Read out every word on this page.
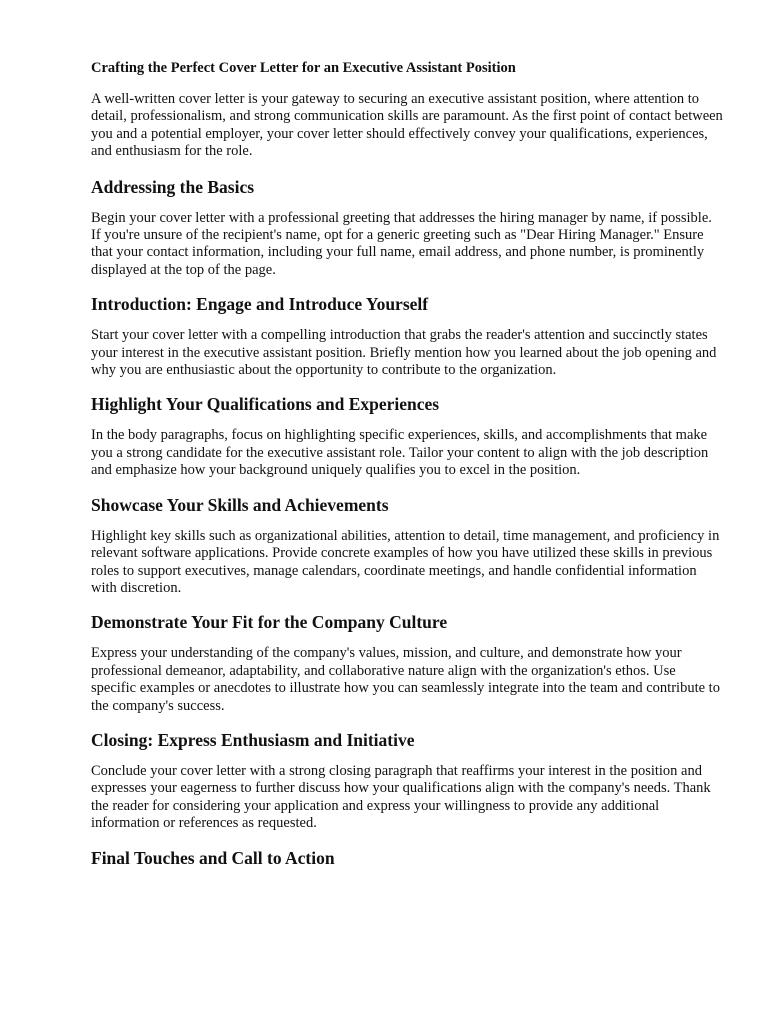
Crafting the Perfect Cover Letter for an Executive Assistant Position

A well-written cover letter is your gateway to securing an executive assistant position, where attention to detail, professionalism, and strong communication skills are paramount. As the first point of contact between you and a potential employer, your cover letter should effectively convey your qualifications, experiences, and enthusiasm for the role.

Addressing the Basics

Begin your cover letter with a professional greeting that addresses the hiring manager by name, if possible. If you're unsure of the recipient's name, opt for a generic greeting such as "Dear Hiring Manager." Ensure that your contact information, including your full name, email address, and phone number, is prominently displayed at the top of the page.

Introduction: Engage and Introduce Yourself

Start your cover letter with a compelling introduction that grabs the reader's attention and succinctly states your interest in the executive assistant position. Briefly mention how you learned about the job opening and why you are enthusiastic about the opportunity to contribute to the organization.

Highlight Your Qualifications and Experiences

In the body paragraphs, focus on highlighting specific experiences, skills, and accomplishments that make you a strong candidate for the executive assistant role. Tailor your content to align with the job description and emphasize how your background uniquely qualifies you to excel in the position.

Showcase Your Skills and Achievements

Highlight key skills such as organizational abilities, attention to detail, time management, and proficiency in relevant software applications. Provide concrete examples of how you have utilized these skills in previous roles to support executives, manage calendars, coordinate meetings, and handle confidential information with discretion.

Demonstrate Your Fit for the Company Culture

Express your understanding of the company's values, mission, and culture, and demonstrate how your professional demeanor, adaptability, and collaborative nature align with the organization's ethos. Use specific examples or anecdotes to illustrate how you can seamlessly integrate into the team and contribute to the company's success.

Closing: Express Enthusiasm and Initiative

Conclude your cover letter with a strong closing paragraph that reaffirms your interest in the position and expresses your eagerness to further discuss how your qualifications align with the company's needs. Thank the reader for considering your application and express your willingness to provide any additional information or references as requested.

Final Touches and Call to Action
